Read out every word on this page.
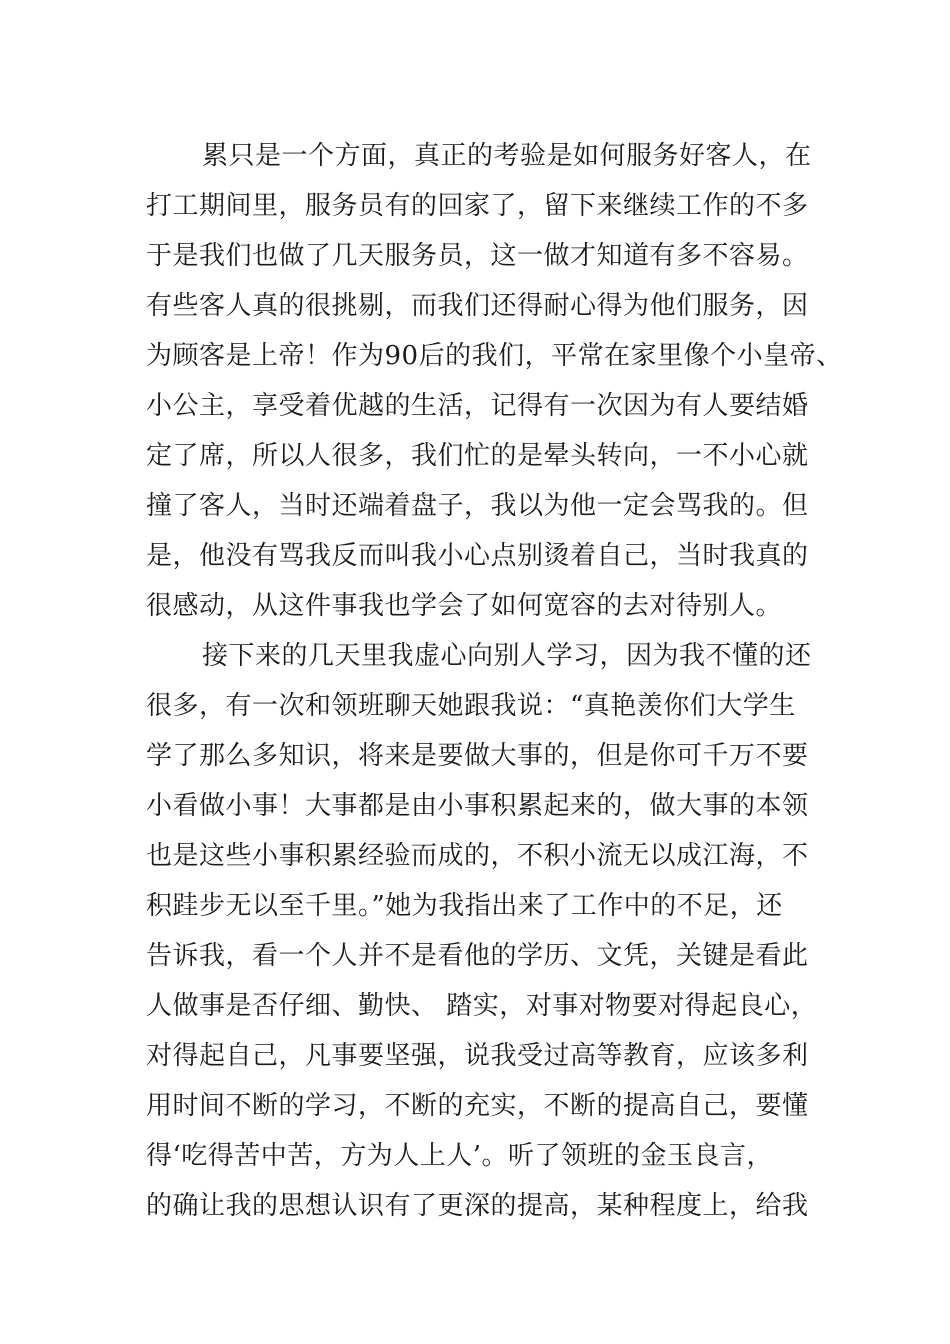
累只是一个方面，真正的考验是如何服务好客人，在
打工期间里，服务员有的回家了，留下来继续工作的不多
于是我们也做了几天服务员，这一做才知道有多不容易。
有些客人真的很挑剔，而我们还得耐心得为他们服务，因
为顾客是上帝！作为90后的我们，平常在家里像个小皇帝、
小公主，享受着优越的生活，记得有一次因为有人要结婚
定了席，所以人很多，我们忙的是晕头转向，一不小心就
撞了客人，当时还端着盘子，我以为他一定会骂我的。但
是，他没有骂我反而叫我小心点别烫着自己，当时我真的
很感动，从这件事我也学会了如何宽容的去对待别人。
接下来的几天里我虚心向别人学习，因为我不懂的还
很多，有一次和领班聊天她跟我说：“真艳羡你们大学生
学了那么多知识，将来是要做大事的，但是你可千万不要
小看做小事！大事都是由小事积累起来的，做大事的本领
也是这些小事积累经验而成的，不积小流无以成江海，不
积跬步无以至千里。”她为我指出来了工作中的不足，还
告诉我，看一个人并不是看他的学历、文凭，关键是看此
人做事是否仔细、勤快、 踏实，对事对物要对得起良心，
对得起自己，凡事要坚强，说我受过高等教育，应该多利
用时间不断的学习，不断的充实，不断的提高自己，要懂
得‘吃得苦中苦，方为人上人’。听了领班的金玉良言，
的确让我的思想认识有了更深的提高，某种程度上，给我
